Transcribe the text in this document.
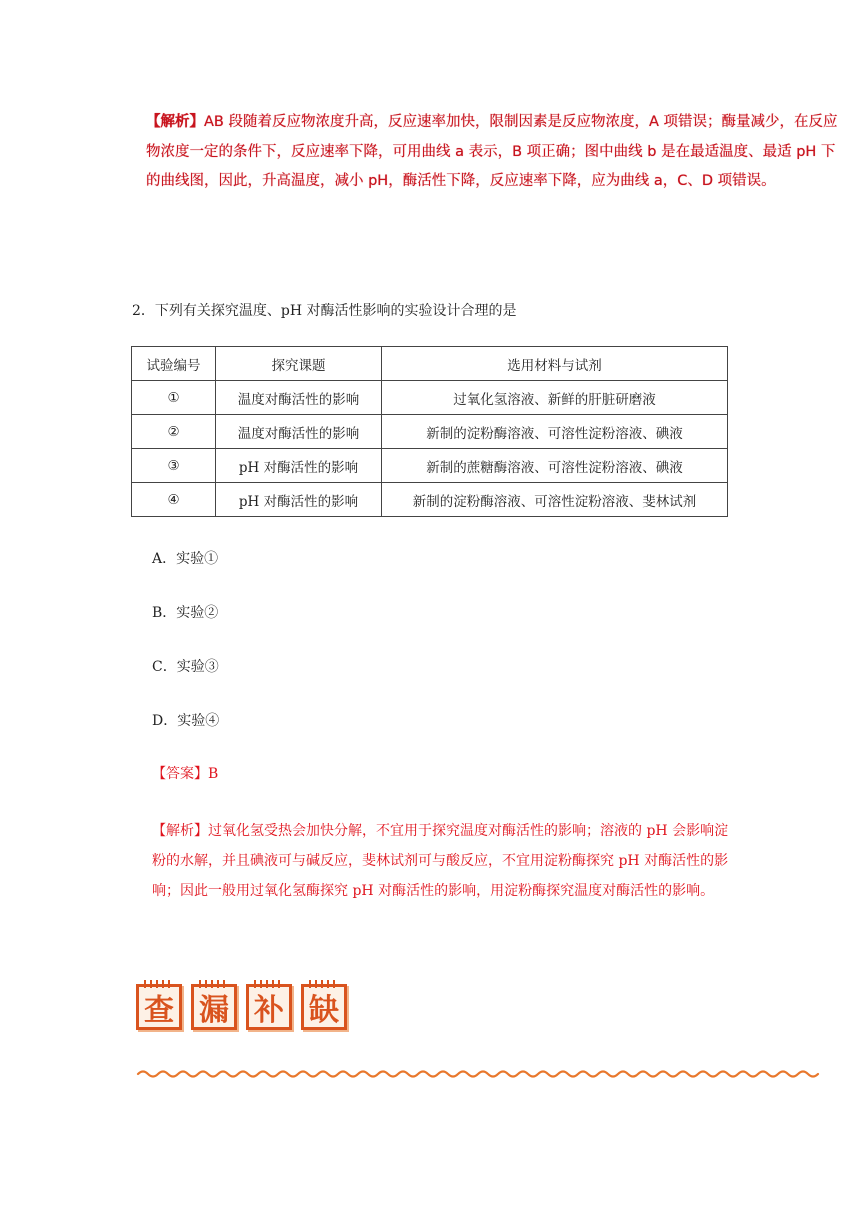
【解析】AB 段随着反应物浓度升高，反应速率加快，限制因素是反应物浓度，A 项错误；酶量减少，在反应物浓度一定的条件下，反应速率下降，可用曲线 a 表示，B 项正确；图中曲线 b 是在最适温度、最适 pH 下的曲线图，因此，升高温度，减小 pH，酶活性下降，反应速率下降，应为曲线 a，C、D 项错误。
2．下列有关探究温度、pH 对酶活性影响的实验设计合理的是
试验编号	探究课题	选用材料与试剂
①	温度对酶活性的影响	过氧化氢溶液、新鲜的肝脏研磨液
②	温度对酶活性的影响	新制的淀粉酶溶液、可溶性淀粉溶液、碘液
③	pH 对酶活性的影响	新制的蔗糖酶溶液、可溶性淀粉溶液、碘液
④	pH 对酶活性的影响	新制的淀粉酶溶液、可溶性淀粉溶液、斐林试剂
A．实验①
B．实验②
C．实验③
D．实验④
【答案】B
【解析】过氧化氢受热会加快分解，不宜用于探究温度对酶活性的影响；溶液的 pH 会影响淀粉的水解，并且碘液可与碱反应，斐林试剂可与酸反应，不宜用淀粉酶探究 pH 对酶活性的影响；因此一般用过氧化氢酶探究 pH 对酶活性的影响，用淀粉酶探究温度对酶活性的影响。
查 漏 补 缺
